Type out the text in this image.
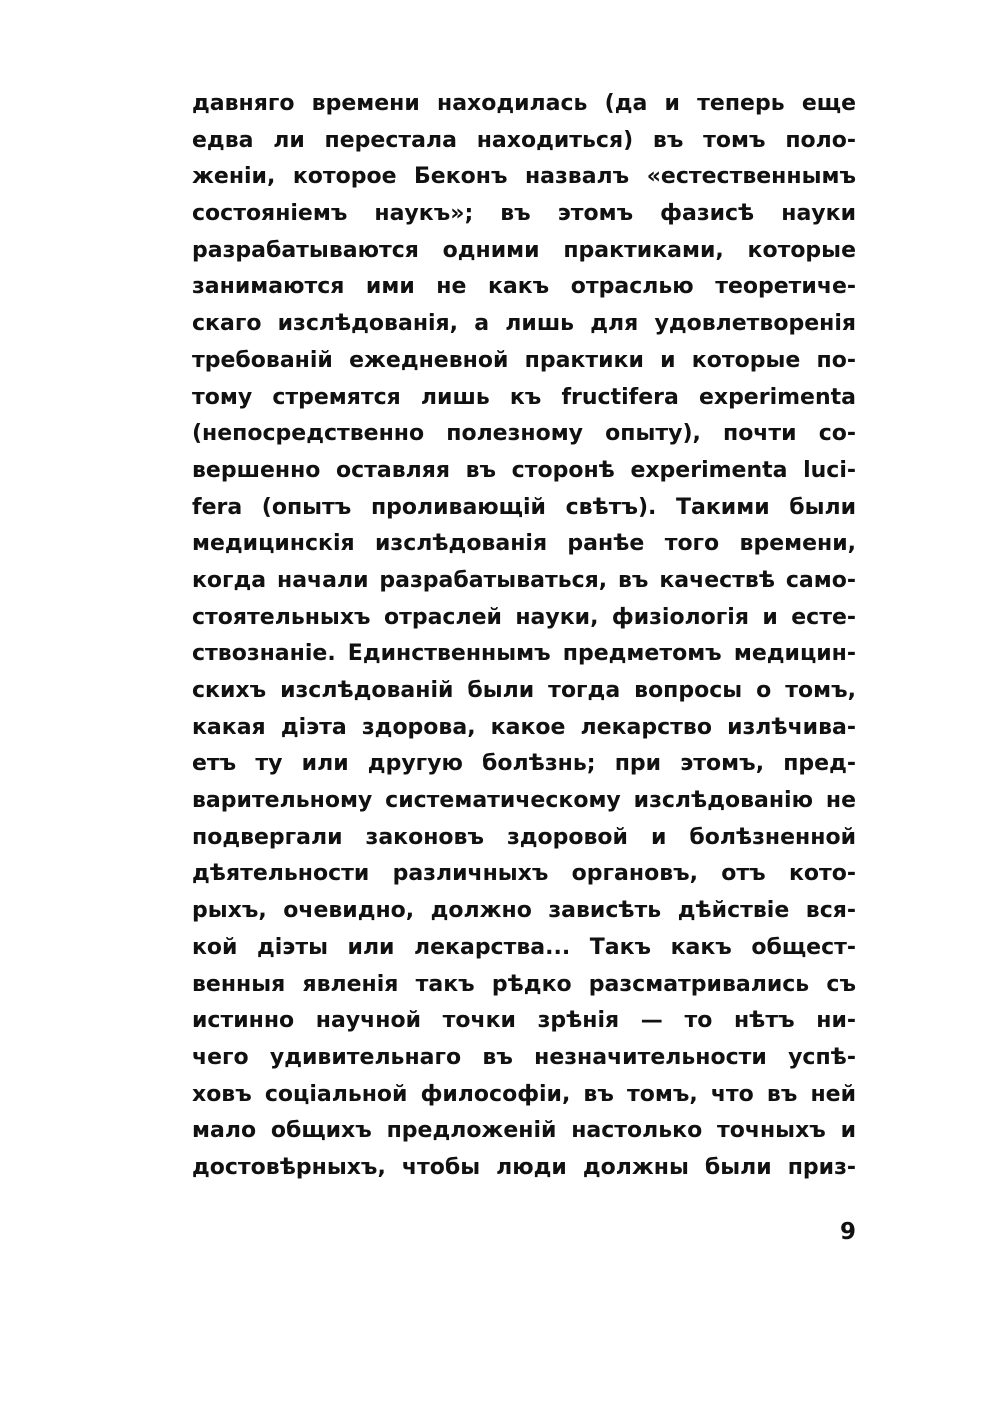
давняго времени находилась (да и теперь еще
едва ли перестала находиться) въ томъ поло-
женіи, которое Беконъ назвалъ «естественнымъ
состояніемъ наукъ»; въ этомъ фазисѣ науки
разрабатываются одними практиками, которые
занимаются ими не какъ отраслью теоретиче-
скаго изслѣдованія, а лишь для удовлетворенія
требованій ежедневной практики и которые по-
тому стремятся лишь къ fructifera experimenta
(непосредственно полезному опыту), почти со-
вершенно оставляя въ сторонѣ experimenta luci-
fera (опытъ проливающій свѣтъ). Такими были
медицинскія изслѣдованія ранѣе того времени,
когда начали разрабатываться, въ качествѣ само-
стоятельныхъ отраслей науки, физіологія и есте-
ствознаніе. Единственнымъ предметомъ медицин-
скихъ изслѣдованій были тогда вопросы о томъ,
какая діэта здорова, какое лекарство излѣчива-
етъ ту или другую болѣзнь; при этомъ, пред-
варительному систематическому изслѣдованію не
подвергали законовъ здоровой и болѣзненной
дѣятельности различныхъ органовъ, отъ кото-
рыхъ, очевидно, должно зависѣть дѣйствіе вся-
кой діэты или лекарства... Такъ какъ общест-
венныя явленія такъ рѣдко разсматривались съ
истинно научной точки зрѣнія — то нѣтъ ни-
чего удивительнаго въ незначительности успѣ-
ховъ соціальной философіи, въ томъ, что въ ней
мало общихъ предложеній настолько точныхъ и
достовѣрныхъ, чтобы люди должны были приз-
9
